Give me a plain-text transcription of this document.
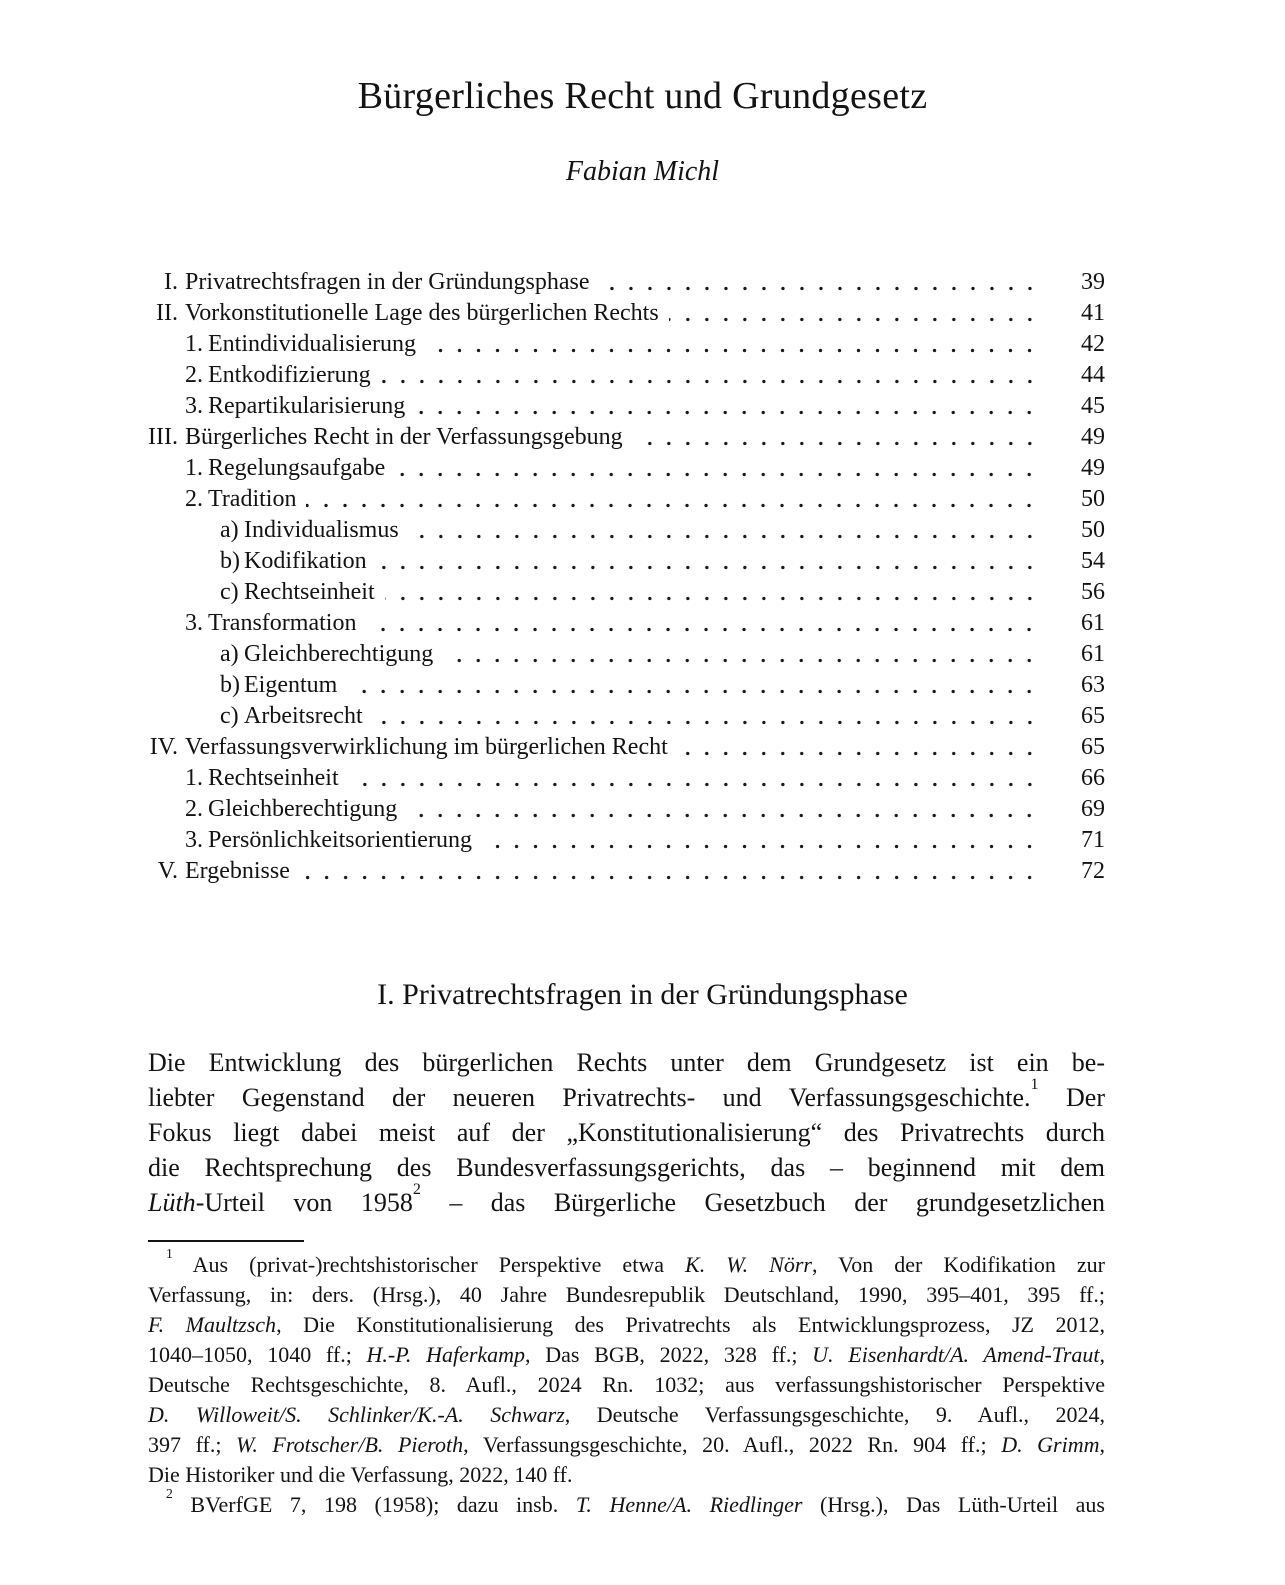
Bürgerliches Recht und Grundgesetz
Fabian Michl
I. Privatrechtsfragen in der Gründungsphase	39
II. Vorkonstitutionelle Lage des bürgerlichen Rechts	41
1. Entindividualisierung	42
2. Entkodifizierung	44
3. Repartikularisierung	45
III. Bürgerliches Recht in der Verfassungsgebung	49
1. Regelungsaufgabe	49
2. Tradition	50
a) Individualismus	50
b) Kodifikation	54
c) Rechtseinheit	56
3. Transformation	61
a) Gleichberechtigung	61
b) Eigentum	63
c) Arbeitsrecht	65
IV. Verfassungsverwirklichung im bürgerlichen Recht	65
1. Rechtseinheit	66
2. Gleichberechtigung	69
3. Persönlichkeitsorientierung	71
V. Ergebnisse	72
I. Privatrechtsfragen in der Gründungsphase
Die Entwicklung des bürgerlichen Rechts unter dem Grundgesetz ist ein be-
liebter Gegenstand der neueren Privatrechts- und Verfassungsgeschichte.$^1$ Der
Fokus liegt dabei meist auf der „Konstitutionalisierung“ des Privatrechts durch
die Rechtsprechung des Bundesverfassungsgerichts, das – beginnend mit dem
Lüth-Urteil von 1958$^2$ – das Bürgerliche Gesetzbuch der grundgesetzlichen
$^1$ Aus (privat-)rechtshistorischer Perspektive etwa K. W. Nörr, Von der Kodifikation zur
Verfassung, in: ders. (Hrsg.), 40 Jahre Bundesrepublik Deutschland, 1990, 395–401, 395 ff.;
F. Maultzsch, Die Konstitutionalisierung des Privatrechts als Entwicklungsprozess, JZ 2012,
1040–1050, 1040 ff.; H.-P. Haferkamp, Das BGB, 2022, 328 ff.; U. Eisenhardt/A. Amend-Traut,
Deutsche Rechtsgeschichte, 8. Aufl., 2024 Rn. 1032; aus verfassungshistorischer Perspektive
D. Willoweit/S. Schlinker/K.-A. Schwarz, Deutsche Verfassungsgeschichte, 9. Aufl., 2024,
397 ff.; W. Frotscher/B. Pieroth, Verfassungsgeschichte, 20. Aufl., 2022 Rn. 904 ff.; D. Grimm,
Die Historiker und die Verfassung, 2022, 140 ff.
$^2$ BVerfGE 7, 198 (1958); dazu insb. T. Henne/A. Riedlinger (Hrsg.), Das Lüth-Urteil aus
